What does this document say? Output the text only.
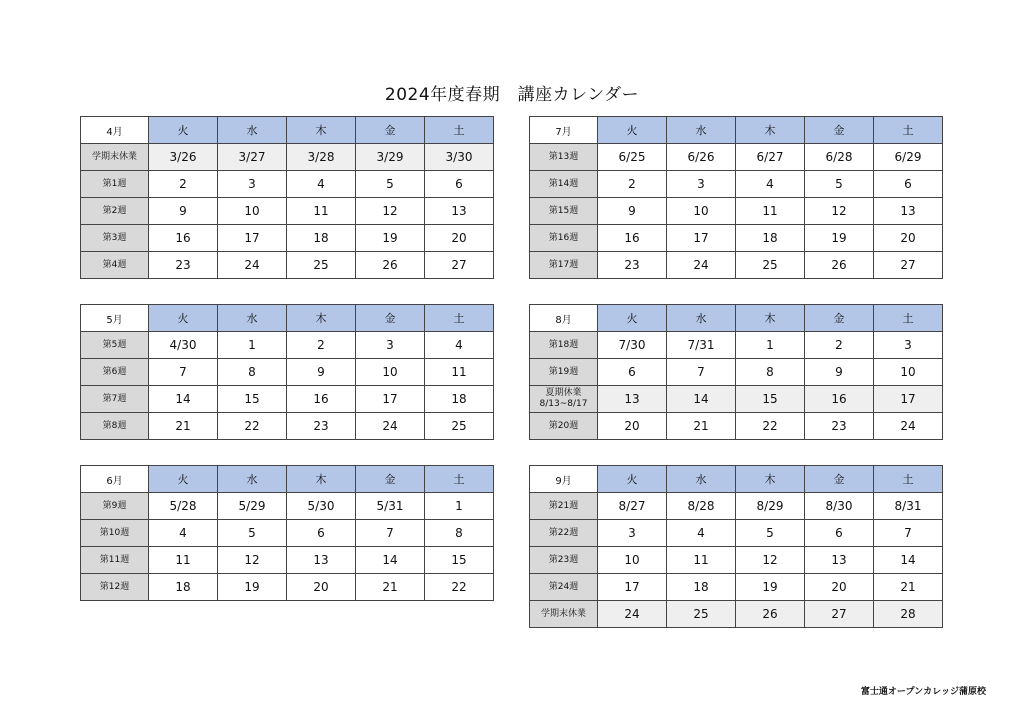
2024年度春期　講座カレンダー
4月	火	水	木	金	土
学期末休業	3/26	3/27	3/28	3/29	3/30
第1週	2	3	4	5	6
第2週	9	10	11	12	13
第3週	16	17	18	19	20
第4週	23	24	25	26	27
7月	火	水	木	金	土
第13週	6/25	6/26	6/27	6/28	6/29
第14週	2	3	4	5	6
第15週	9	10	11	12	13
第16週	16	17	18	19	20
第17週	23	24	25	26	27
5月	火	水	木	金	土
第5週	4/30	1	2	3	4
第6週	7	8	9	10	11
第7週	14	15	16	17	18
第8週	21	22	23	24	25
8月	火	水	木	金	土
第18週	7/30	7/31	1	2	3
第19週	6	7	8	9	10
夏期休業
8/13~8/17	13	14	15	16	17
第20週	20	21	22	23	24
6月	火	水	木	金	土
第9週	5/28	5/29	5/30	5/31	1
第10週	4	5	6	7	8
第11週	11	12	13	14	15
第12週	18	19	20	21	22
9月	火	水	木	金	土
第21週	8/27	8/28	8/29	8/30	8/31
第22週	3	4	5	6	7
第23週	10	11	12	13	14
第24週	17	18	19	20	21
学期末休業	24	25	26	27	28
富士通オープンカレッジ蒲原校
